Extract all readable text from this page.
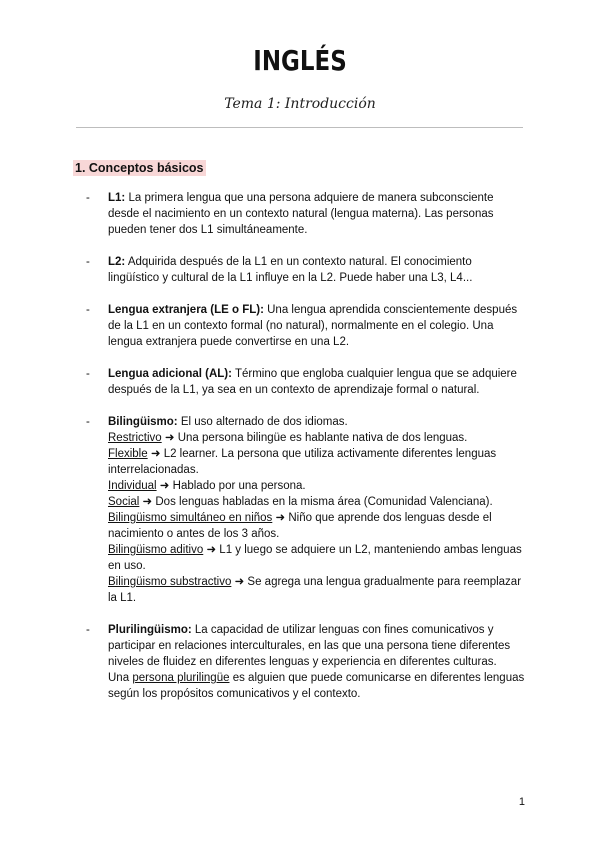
INGLÉS
Tema 1: Introducción
1. Conceptos básicos
- L1: La primera lengua que una persona adquiere de manera subconsciente desde el nacimiento en un contexto natural (lengua materna). Las personas pueden tener dos L1 simultáneamente.
- L2: Adquirida después de la L1 en un contexto natural. El conocimiento lingüístico y cultural de la L1 influye en la L2. Puede haber una L3, L4...
- Lengua extranjera (LE o FL): Una lengua aprendida conscientemente después de la L1 en un contexto formal (no natural), normalmente en el colegio. Una lengua extranjera puede convertirse en una L2.
- Lengua adicional (AL): Término que engloba cualquier lengua que se adquiere después de la L1, ya sea en un contexto de aprendizaje formal o natural.
- Bilingüismo: El uso alternado de dos idiomas.
Restrictivo ➜ Una persona bilingüe es hablante nativa de dos lenguas.
Flexible ➜ L2 learner. La persona que utiliza activamente diferentes lenguas interrelacionadas.
Individual ➜ Hablado por una persona.
Social ➜ Dos lenguas habladas en la misma área (Comunidad Valenciana).
Bilingüismo simultáneo en niños ➜ Niño que aprende dos lenguas desde el nacimiento o antes de los 3 años.
Bilingüismo aditivo ➜ L1 y luego se adquiere un L2, manteniendo ambas lenguas en uso.
Bilingüismo substractivo ➜ Se agrega una lengua gradualmente para reemplazar la L1.
- Plurilingüismo: La capacidad de utilizar lenguas con fines comunicativos y participar en relaciones interculturales, en las que una persona tiene diferentes niveles de fluidez en diferentes lenguas y experiencia en diferentes culturas.
Una persona plurilingüe es alguien que puede comunicarse en diferentes lenguas según los propósitos comunicativos y el contexto.
1
